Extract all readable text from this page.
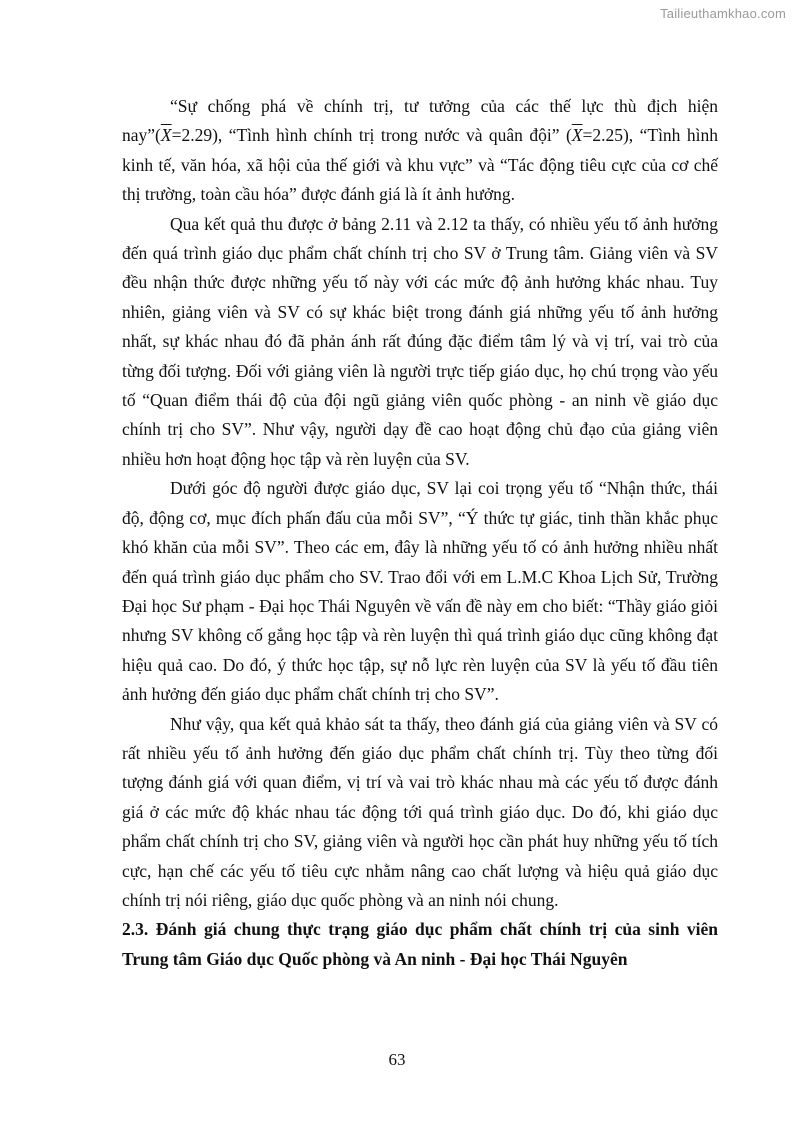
Tailieuthamkhao.com

“Sự chống phá về chính trị, tư tưởng của các thế lực thù địch hiện $nay”(\overline{X}=2.29)$, “Tình hình chính trị trong nước và quân đội” $(\overline{X}=2.25)$, “Tình hình kinh tế, văn hóa, xã hội của thế giới và khu vực” và “Tác động tiêu cực của cơ chế thị trường, toàn cầu hóa” được đánh giá là ít ảnh hưởng.

Qua kết quả thu được ở bảng 2.11 và 2.12 ta thấy, có nhiều yếu tố ảnh hưởng đến quá trình giáo dục phẩm chất chính trị cho SV ở Trung tâm. Giảng viên và SV đều nhận thức được những yếu tố này với các mức độ ảnh hưởng khác nhau. Tuy nhiên, giảng viên và SV có sự khác biệt trong đánh giá những yếu tố ảnh hưởng nhất, sự khác nhau đó đã phản ánh rất đúng đặc điểm tâm lý và vị trí, vai trò của từng đối tượng. Đối với giảng viên là người trực tiếp giáo dục, họ chú trọng vào yếu tố “Quan điểm thái độ của đội ngũ giảng viên quốc phòng - an ninh về giáo dục chính trị cho SV”. Như vậy, người dạy đề cao hoạt động chủ đạo của giảng viên nhiều hơn hoạt động học tập và rèn luyện của SV.

Dưới góc độ người được giáo dục, SV lại coi trọng yếu tố “Nhận thức, thái độ, động cơ, mục đích phấn đấu của mỗi SV”, “Ý thức tự giác, tinh thần khắc phục khó khăn của mỗi SV”. Theo các em, đây là những yếu tố có ảnh hưởng nhiều nhất đến quá trình giáo dục phẩm cho SV. Trao đổi với em L.M.C Khoa Lịch Sử, Trường Đại học Sư phạm - Đại học Thái Nguyên về vấn đề này em cho biết: “Thầy giáo giỏi nhưng SV không cố gắng học tập và rèn luyện thì quá trình giáo dục cũng không đạt hiệu quả cao. Do đó, ý thức học tập, sự nỗ lực rèn luyện của SV là yếu tố đầu tiên ảnh hưởng đến giáo dục phẩm chất chính trị cho SV”.

Như vậy, qua kết quả khảo sát ta thấy, theo đánh giá của giảng viên và SV có rất nhiều yếu tố ảnh hưởng đến giáo dục phẩm chất chính trị. Tùy theo từng đối tượng đánh giá với quan điểm, vị trí và vai trò khác nhau mà các yếu tố được đánh giá ở các mức độ khác nhau tác động tới quá trình giáo dục. Do đó, khi giáo dục phẩm chất chính trị cho SV, giảng viên và người học cần phát huy những yếu tố tích cực, hạn chế các yếu tố tiêu cực nhằm nâng cao chất lượng và hiệu quả giáo dục chính trị nói riêng, giáo dục quốc phòng và an ninh nói chung.

2.3. Đánh giá chung thực trạng giáo dục phẩm chất chính trị của sinh viên Trung tâm Giáo dục Quốc phòng và An ninh - Đại học Thái Nguyên

63
